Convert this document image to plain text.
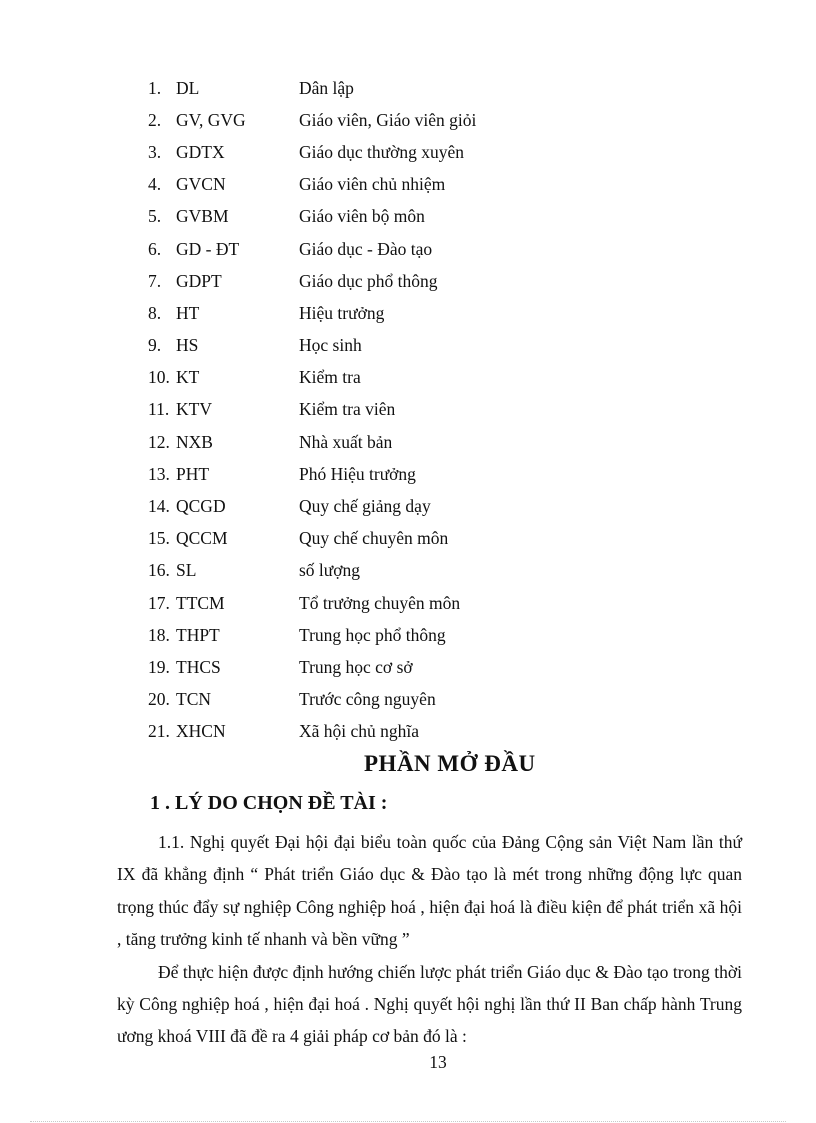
1. DL	Dân lập
2. GV, GVG	Giáo viên, Giáo viên giỏi
3. GDTX	Giáo dục thường xuyên
4. GVCN	Giáo viên chủ nhiệm
5. GVBM	Giáo viên bộ môn
6. GD - ĐT	Giáo dục - Đào tạo
7. GDPT	Giáo dục phổ thông
8. HT	Hiệu trưởng
9. HS	Học sinh
10. KT	Kiểm tra
11. KTV	Kiểm tra viên
12. NXB	Nhà xuất bản
13. PHT	Phó Hiệu trưởng
14. QCGD	Quy chế giảng dạy
15. QCCM	Quy chế chuyên môn
16. SL	số lượng
17. TTCM	Tổ trưởng chuyên môn
18. THPT	Trung học phổ thông
19. THCS	Trung học cơ sở
20. TCN	Trước công nguyên
21. XHCN	Xã hội chủ nghĩa
PHẦN MỞ ĐẦU
1 . LÝ DO CHỌN ĐỀ TÀI :

1.1. Nghị quyết Đại hội đại biểu toàn quốc của Đảng Cộng sản Việt Nam lần thứ IX đã khẳng định “ Phát triển Giáo dục & Đào tạo là mét trong những động lực quan trọng thúc đẩy sự nghiệp Công nghiệp hoá , hiện đại hoá là điều kiện để phát triển xã hội , tăng trưởng kinh tế nhanh và bền vững ”

Để thực hiện được định hướng chiến lược phát triển Giáo dục & Đào tạo trong thời kỳ Công nghiệp hoá , hiện đại hoá . Nghị quyết hội nghị lần thứ II Ban chấp hành Trung ương khoá VIII đã đề ra 4 giải pháp cơ bản đó là :

13
